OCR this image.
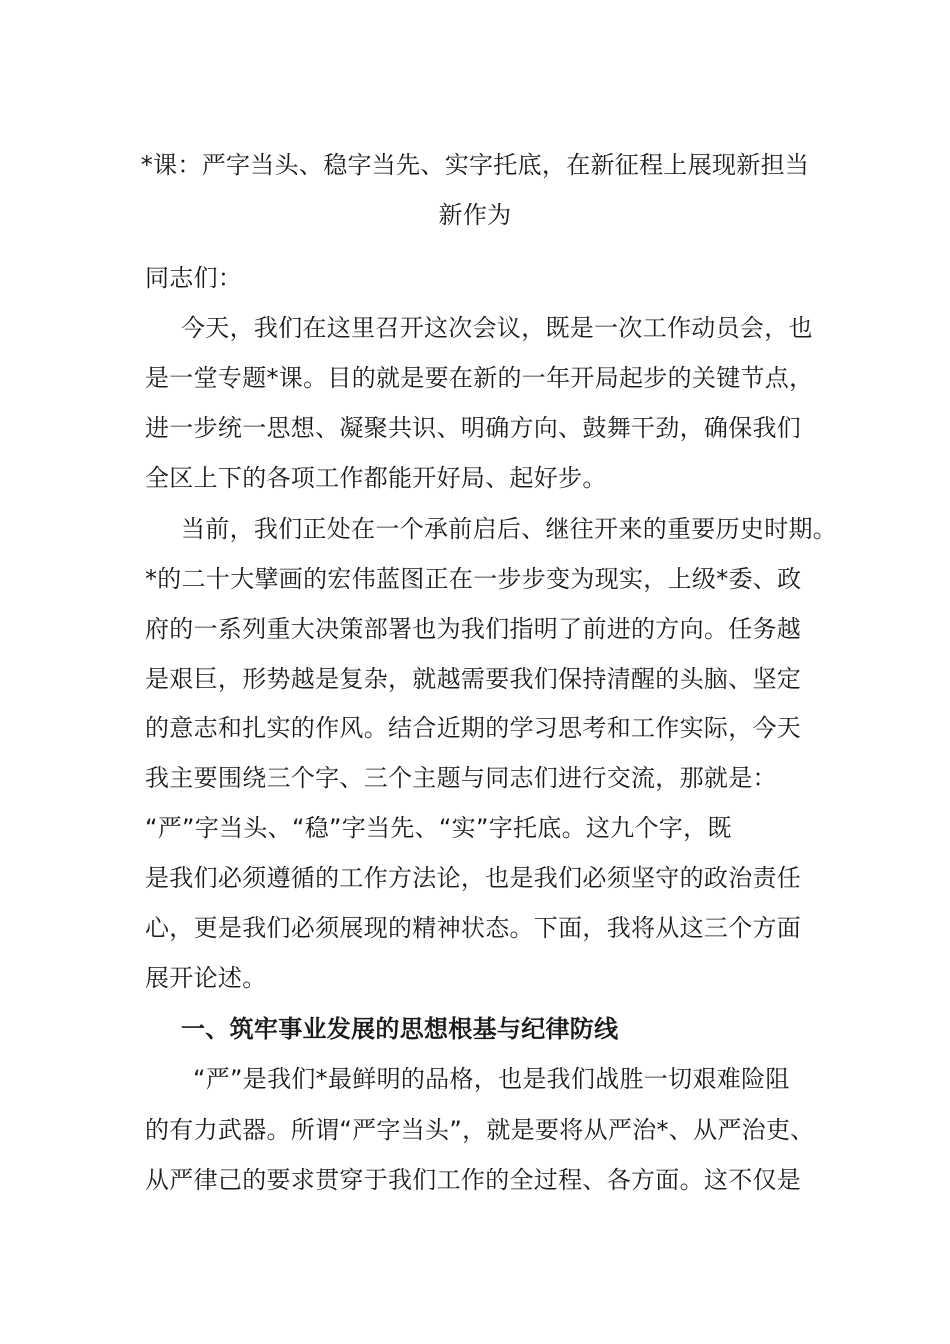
*课：严字当头、稳字当先、实字托底，在新征程上展现新担当
新作为
同志们：
今天，我们在这里召开这次会议，既是一次工作动员会，也
是一堂专题*课。目的就是要在新的一年开局起步的关键节点，
进一步统一思想、凝聚共识、明确方向、鼓舞干劲，确保我们
全区上下的各项工作都能开好局、起好步。
当前，我们正处在一个承前启后、继往开来的重要历史时期。
*的二十大擘画的宏伟蓝图正在一步步变为现实，上级*委、政
府的一系列重大决策部署也为我们指明了前进的方向。任务越
是艰巨，形势越是复杂，就越需要我们保持清醒的头脑、坚定
的意志和扎实的作风。结合近期的学习思考和工作实际，今天
我主要围绕三个字、三个主题与同志们进行交流，那就是：
“严”字当头、“稳”字当先、“实”字托底。这九个字，既
是我们必须遵循的工作方法论，也是我们必须坚守的政治责任
心，更是我们必须展现的精神状态。下面，我将从这三个方面
展开论述。
一、筑牢事业发展的思想根基与纪律防线
“严”是我们*最鲜明的品格，也是我们战胜一切艰难险阻
的有力武器。所谓“严字当头”，就是要将从严治*、从严治吏、
从严律己的要求贯穿于我们工作的全过程、各方面。这不仅是
